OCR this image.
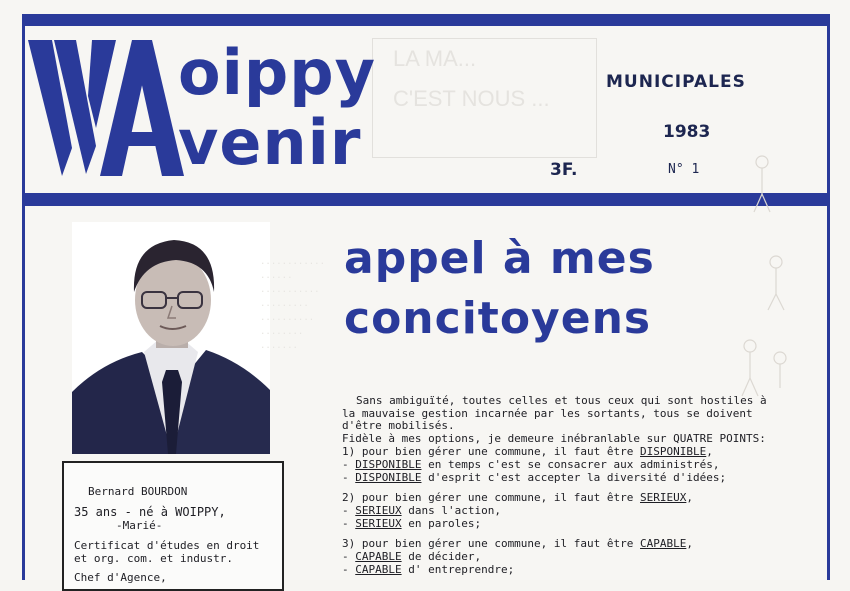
LA MA...
C'EST NOUS ...
oippy
venir
MUNICIPALES
1983
3F.	N° 1
appel à mes
concitoyens
............
......
...........
.........
..........
........
.......

Bernard BOURDON
35 ans - né à WOIPPY,
-Marié-
Certificat d'études en droit
et org. com. et industr.
Chef d'Agence,
Sans ambiguïté, toutes celles et tous ceux qui sont hostiles à
la mauvaise gestion incarnée par les sortants, tous se doivent
d'être mobilisés.
Fidèle à mes options, je demeure inébranlable sur QUATRE POINTS:
1) pour bien gérer une commune, il faut être DISPONIBLE,
- DISPONIBLE en temps c'est se consacrer aux administrés,
- DISPONIBLE d'esprit c'est accepter la diversité d'idées;
2) pour bien gérer une commune, il faut être SERIEUX,
- SERIEUX dans l'action,
- SERIEUX en paroles;
3) pour bien gérer une commune, il faut être CAPABLE,
- CAPABLE de décider,
- CAPABLE d' entreprendre;
